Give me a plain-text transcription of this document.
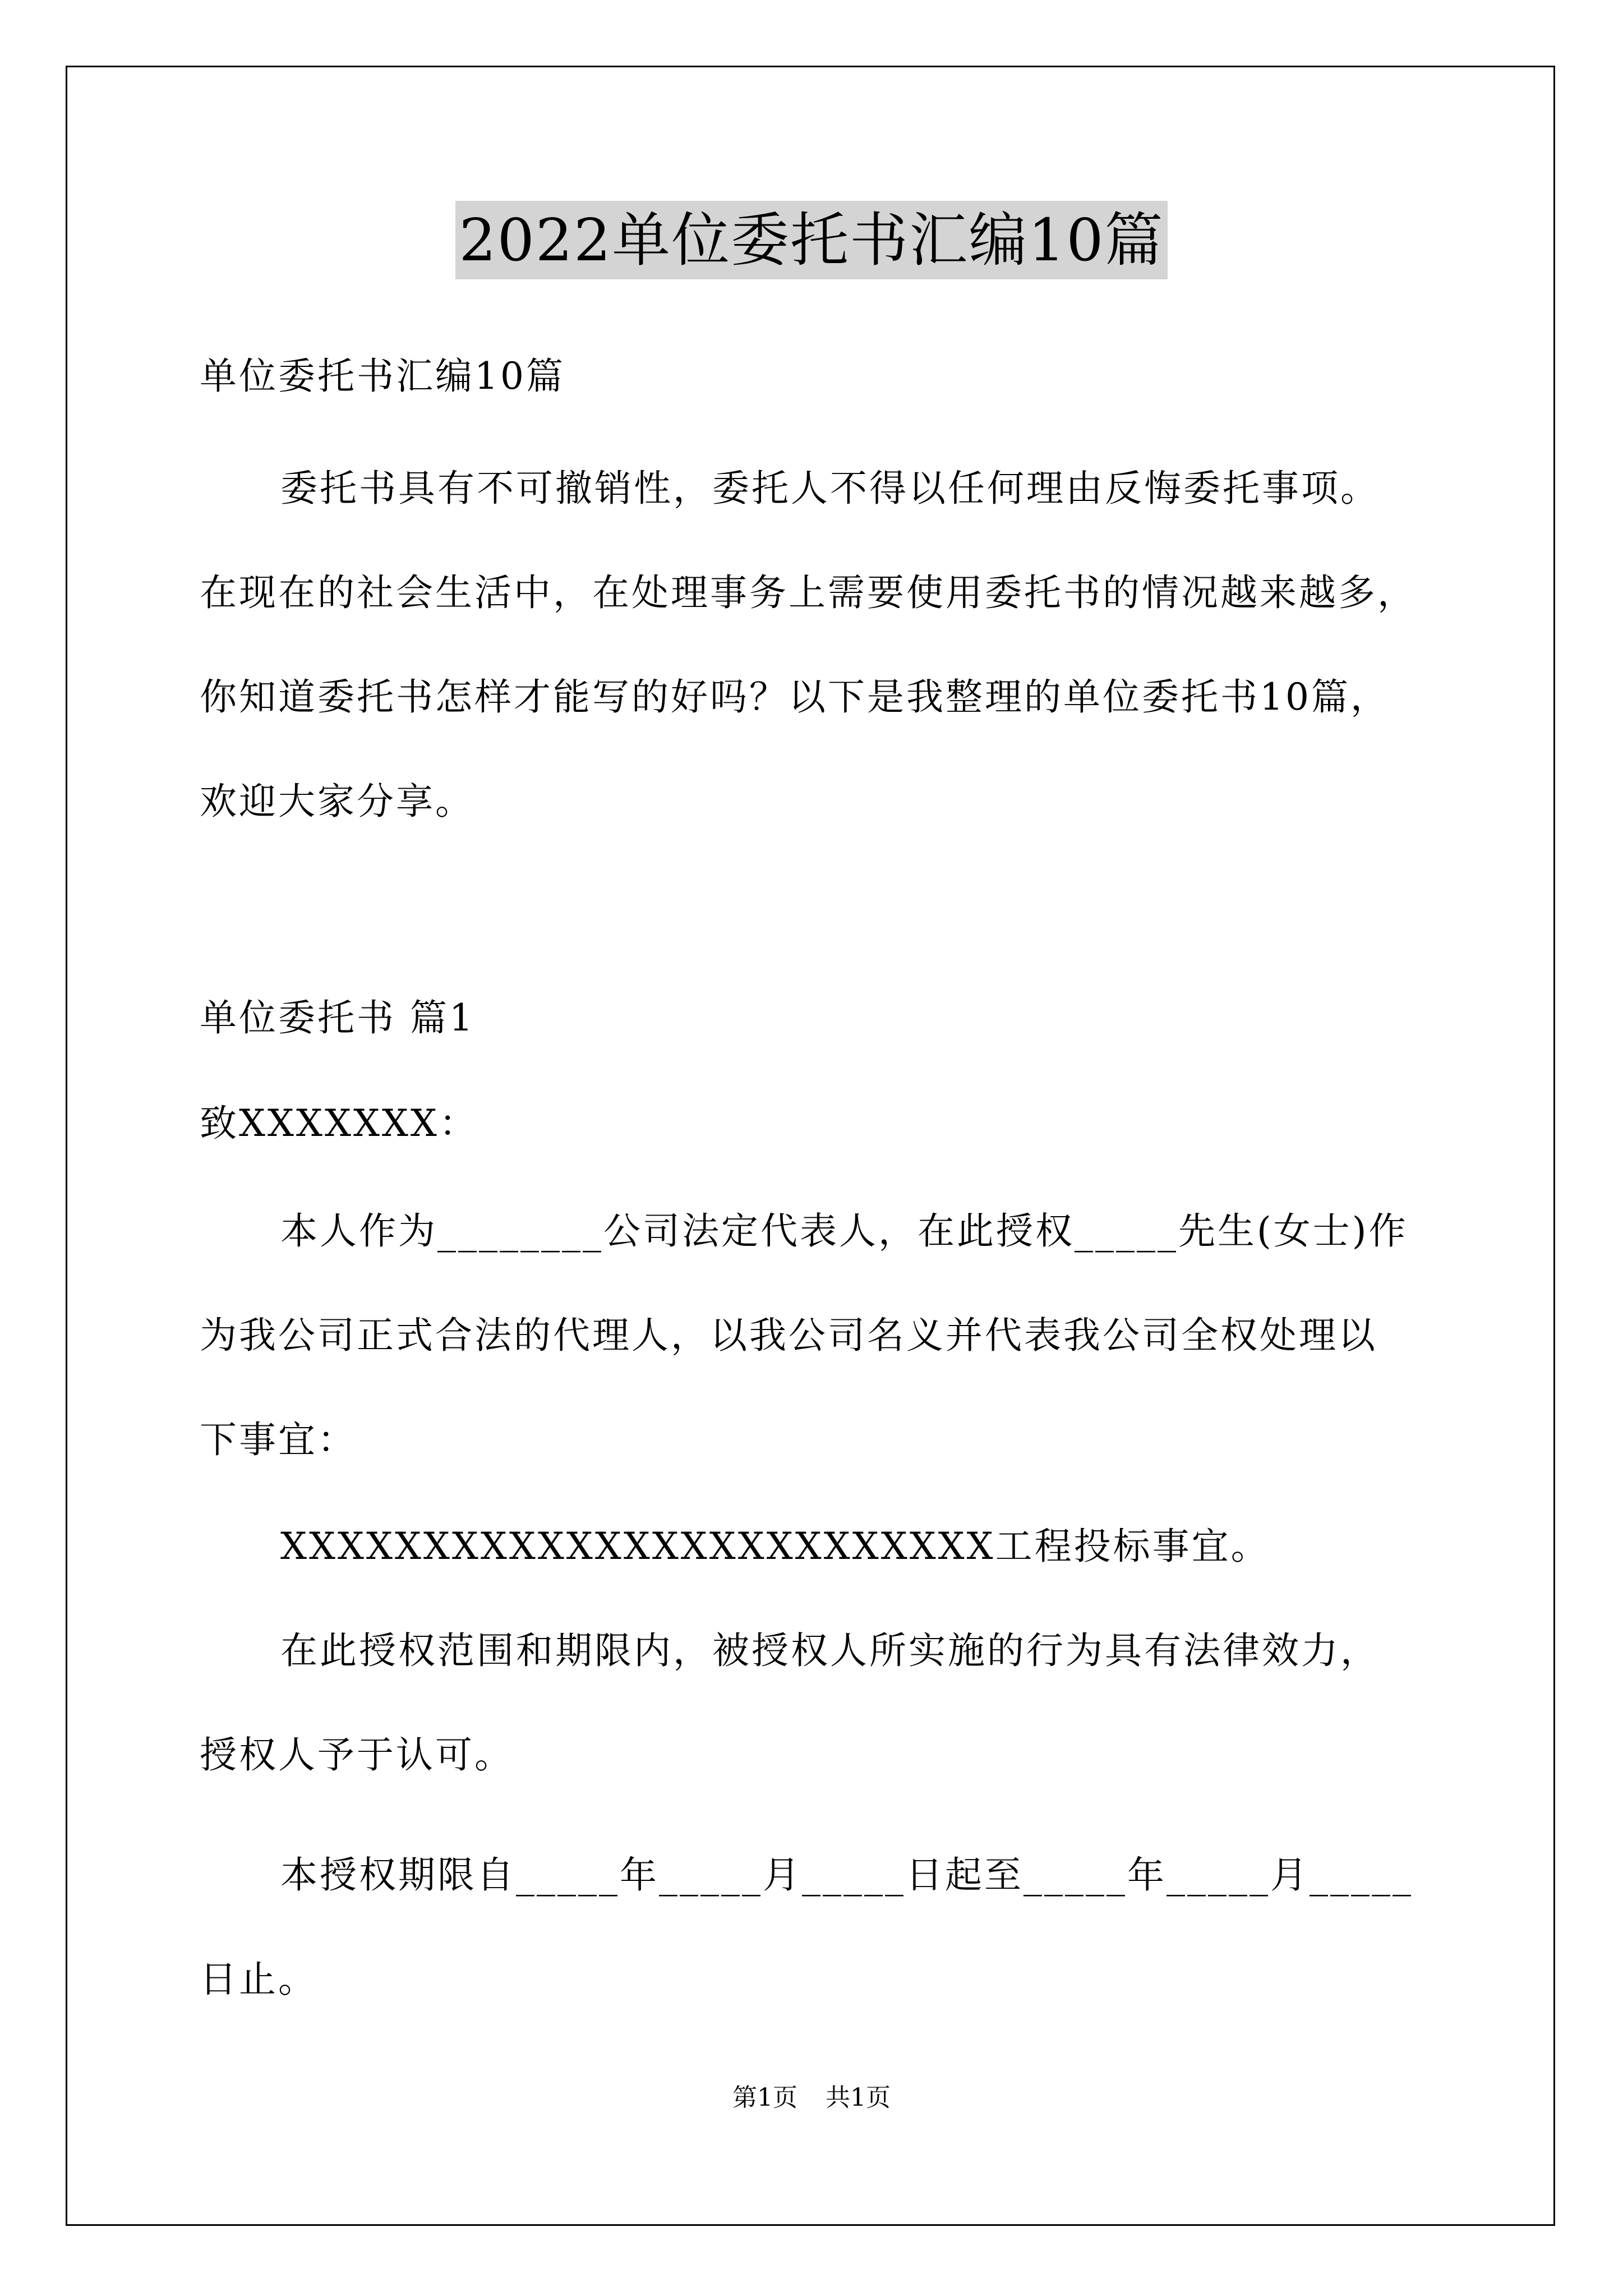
2022单位委托书汇编10篇
单位委托书汇编10篇
委托书具有不可撤销性，委托人不得以任何理由反悔委托事项。
在现在的社会生活中，在处理事务上需要使用委托书的情况越来越多，
你知道委托书怎样才能写的好吗？以下是我整理的单位委托书10篇，
欢迎大家分享。
单位委托书 篇1
致XXXXXXX：
本人作为________公司法定代表人，在此授权_____先生(女士)作
为我公司正式合法的代理人，以我公司名义并代表我公司全权处理以
下事宜：
XXXXXXXXXXXXXXXXXXXXXXXXX工程投标事宜。
在此授权范围和期限内，被授权人所实施的行为具有法律效力，
授权人予于认可。
本授权期限自_____年_____月_____日起至_____年_____月_____
日止。
第1页 共1页
